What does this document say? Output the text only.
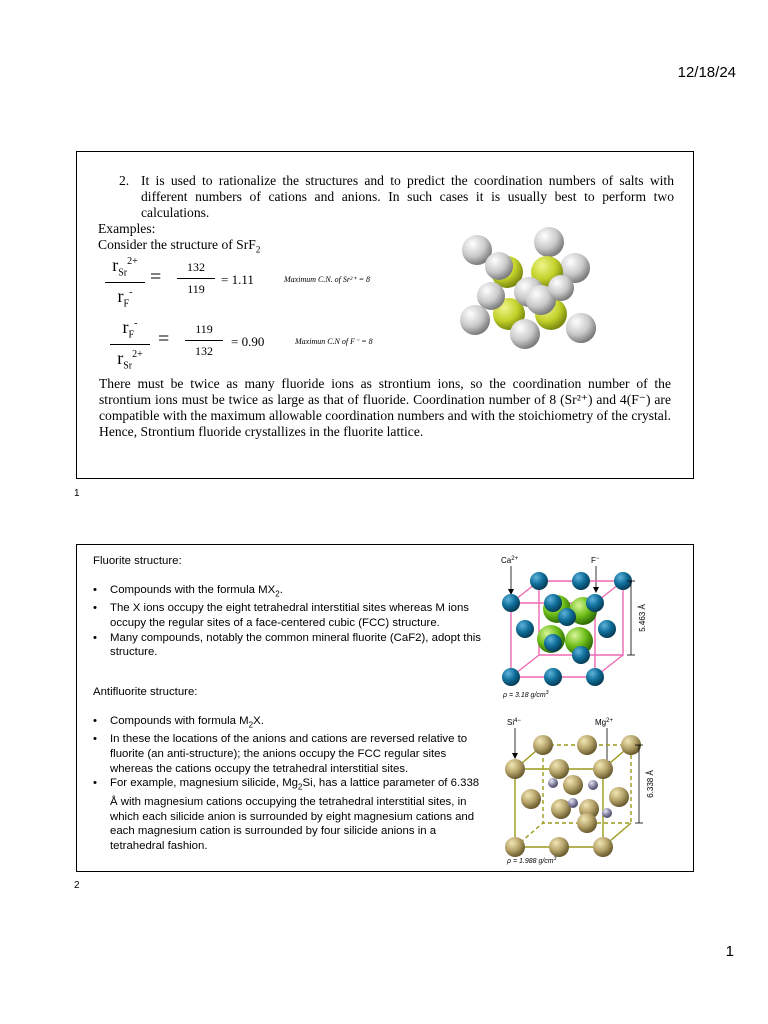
12/18/24
2. It is used to rationalize the structures and to predict the coordination numbers of salts with different numbers of cations and anions. In such cases it is usually best to perform two calculations.
Examples:
Consider the structure of SrF$_2$
$r_{Sr}^{2+}$
$r_F^-$
=	132
119
= 1.11	Maximum C.N. of Sr²⁺ = 8
$r_F^-$
$r_{Sr}^{2+}$
=	119
132
= 0.90	Maximun C.N of F⁻ = 8
There must be twice as many fluoride ions as strontium ions, so the coordination number of the strontium ions must be twice as large as that of fluoride. Coordination number of 8 (Sr²⁺) and 4(F⁻) are compatible with the maximum allowable coordination numbers and with the stoichiometry of the crystal. Hence, Strontium fluoride crystallizes in the fluorite lattice.
1
Fluorite structure:
• Compounds with the formula $MX_2$.
• The X ions occupy the eight tetrahedral interstitial sites whereas M ions occupy the regular sites of a face-centered cubic (FCC) structure.
• Many compounds, notably the common mineral fluorite (CaF2), adopt this structure.
Antifluorite structure:
• Compounds with formula $M_2X$.
• In these the locations of the anions and cations are reversed relative to fluorite (an anti-structure); the anions occupy the FCC regular sites whereas the cations occupy the tetrahedral interstitial sites.
• For example, magnesium silicide, $Mg_2Si$, has a lattice parameter of 6.338 Å with magnesium cations occupying the tetrahedral interstitial sites, in which each silicide anion is surrounded by eight magnesium cations and each magnesium cation is surrounded by four silicide anions in a tetrahedral fashion.
$Ca^{2+}$	F−
5.463 Å
ρ = 3.18 $g/cm^3$
$Si^{4-}$	$Mg^{2+}$
6.338 Å
ρ = 1.988 $g/cm^3$
2
1
